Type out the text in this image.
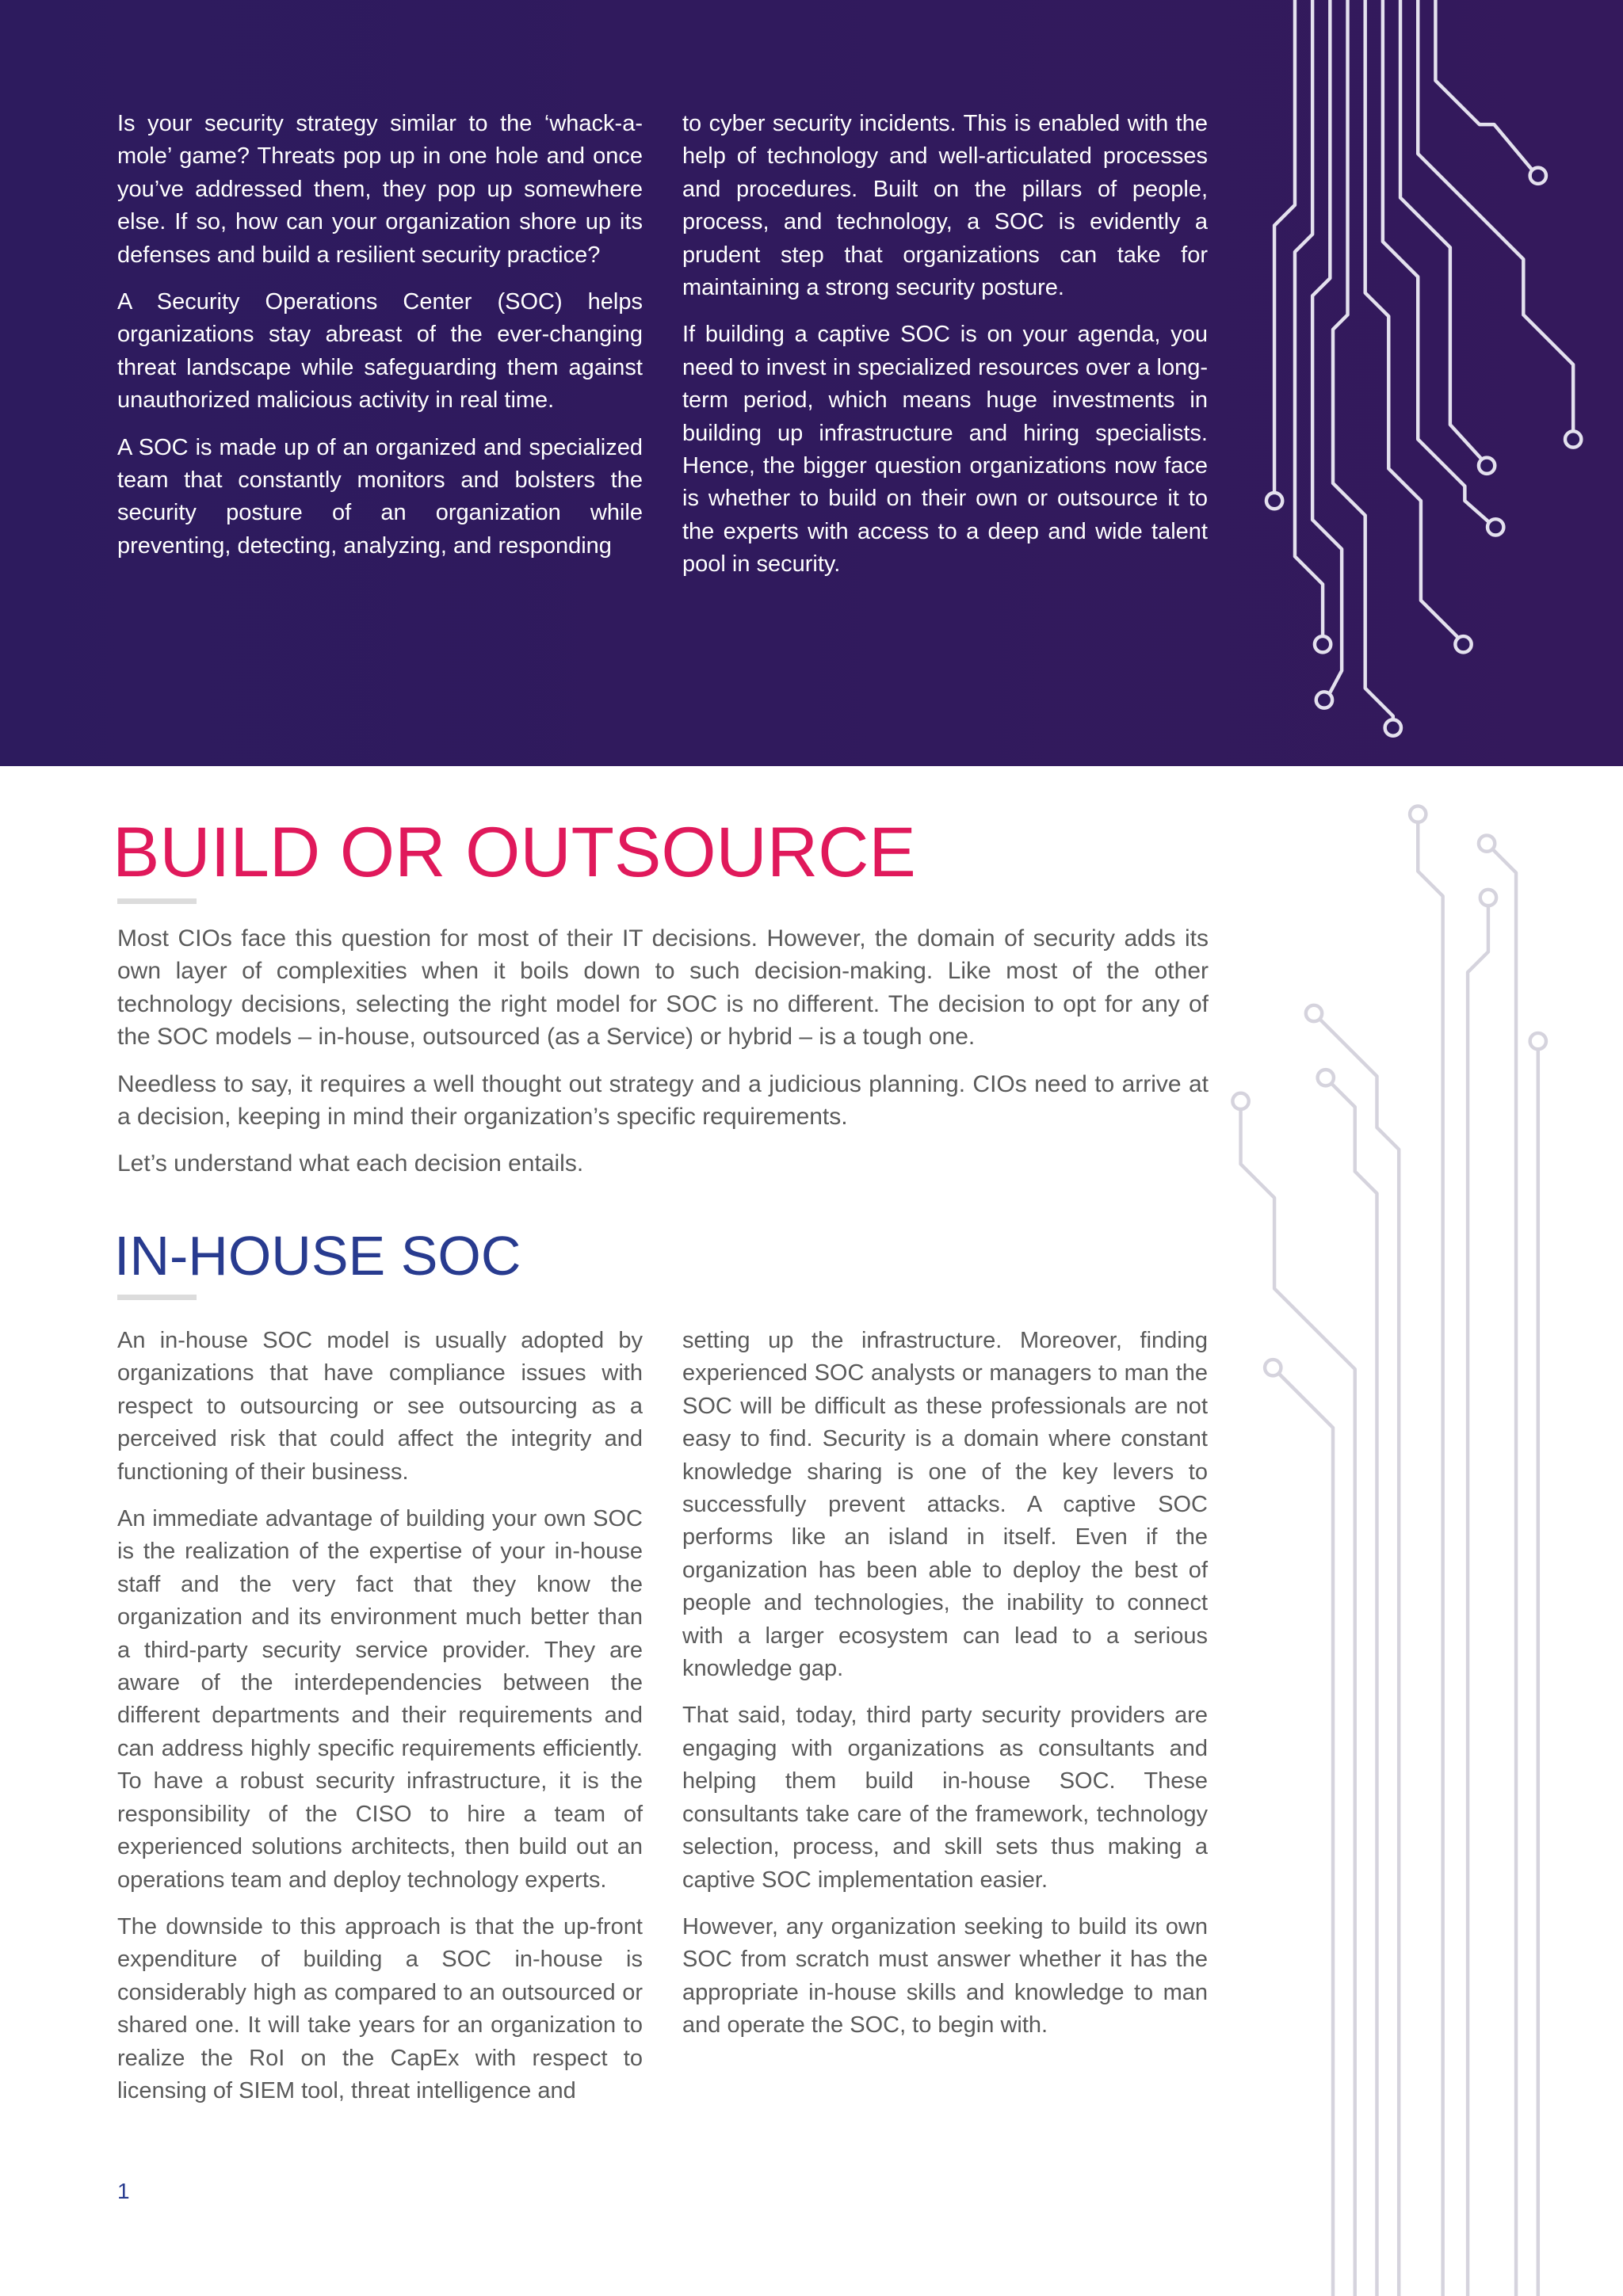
Is your security strategy similar to the ‘whack-a-mole’ game? Threats pop up in one hole and once you’ve addressed them, they pop up somewhere else. If so, how can your organization shore up its defenses and build a resilient security practice?

A Security Operations Center (SOC) helps organizations stay abreast of the ever-changing threat landscape while safeguarding them against unauthorized malicious activity in real time.

A SOC is made up of an organized and specialized team that constantly monitors and bolsters the security posture of an organization while preventing, detecting, analyzing, and responding

to cyber security incidents. This is enabled with the help of technology and well-articulated processes and procedures. Built on the pillars of people, process, and technology, a SOC is evidently a prudent step that organizations can take for maintaining a strong security posture.

If building a captive SOC is on your agenda, you need to invest in specialized resources over a long-term period, which means huge investments in building up infrastructure and hiring specialists. Hence, the bigger question organizations now face is whether to build on their own or outsource it to the experts with access to a deep and wide talent pool in security.

BUILD OR OUTSOURCE

Most CIOs face this question for most of their IT decisions. However, the domain of security adds its own layer of complexities when it boils down to such decision-making. Like most of the other technology decisions, selecting the right model for SOC is no different. The decision to opt for any of the SOC models – in-house, outsourced (as a Service) or hybrid – is a tough one.

Needless to say, it requires a well thought out strategy and a judicious planning. CIOs need to arrive at a decision, keeping in mind their organization’s specific requirements.

Let’s understand what each decision entails.

IN-HOUSE SOC

An in-house SOC model is usually adopted by organizations that have compliance issues with respect to outsourcing or see outsourcing as a perceived risk that could affect the integrity and functioning of their business.

An immediate advantage of building your own SOC is the realization of the expertise of your in-house staff and the very fact that they know the organization and its environment much better than a third-party security service provider. They are aware of the interdependencies between the different departments and their requirements and can address highly specific requirements efficiently. To have a robust security infrastructure, it is the responsibility of the CISO to hire a team of experienced solutions architects, then build out an operations team and deploy technology experts.

The downside to this approach is that the up-front expenditure of building a SOC in-house is considerably high as compared to an outsourced or shared one. It will take years for an organization to realize the RoI on the CapEx with respect to licensing of SIEM tool, threat intelligence and

setting up the infrastructure. Moreover, finding experienced SOC analysts or managers to man the SOC will be difficult as these professionals are not easy to find. Security is a domain where constant knowledge sharing is one of the key levers to successfully prevent attacks. A captive SOC performs like an island in itself. Even if the organization has been able to deploy the best of people and technologies, the inability to connect with a larger ecosystem can lead to a serious knowledge gap.

That said, today, third party security providers are engaging with organizations as consultants and helping them build in-house SOC. These consultants take care of the framework, technology selection, process, and skill sets thus making a captive SOC implementation easier.

However, any organization seeking to build its own SOC from scratch must answer whether it has the appropriate in-house skills and knowledge to man and operate the SOC, to begin with.

1
